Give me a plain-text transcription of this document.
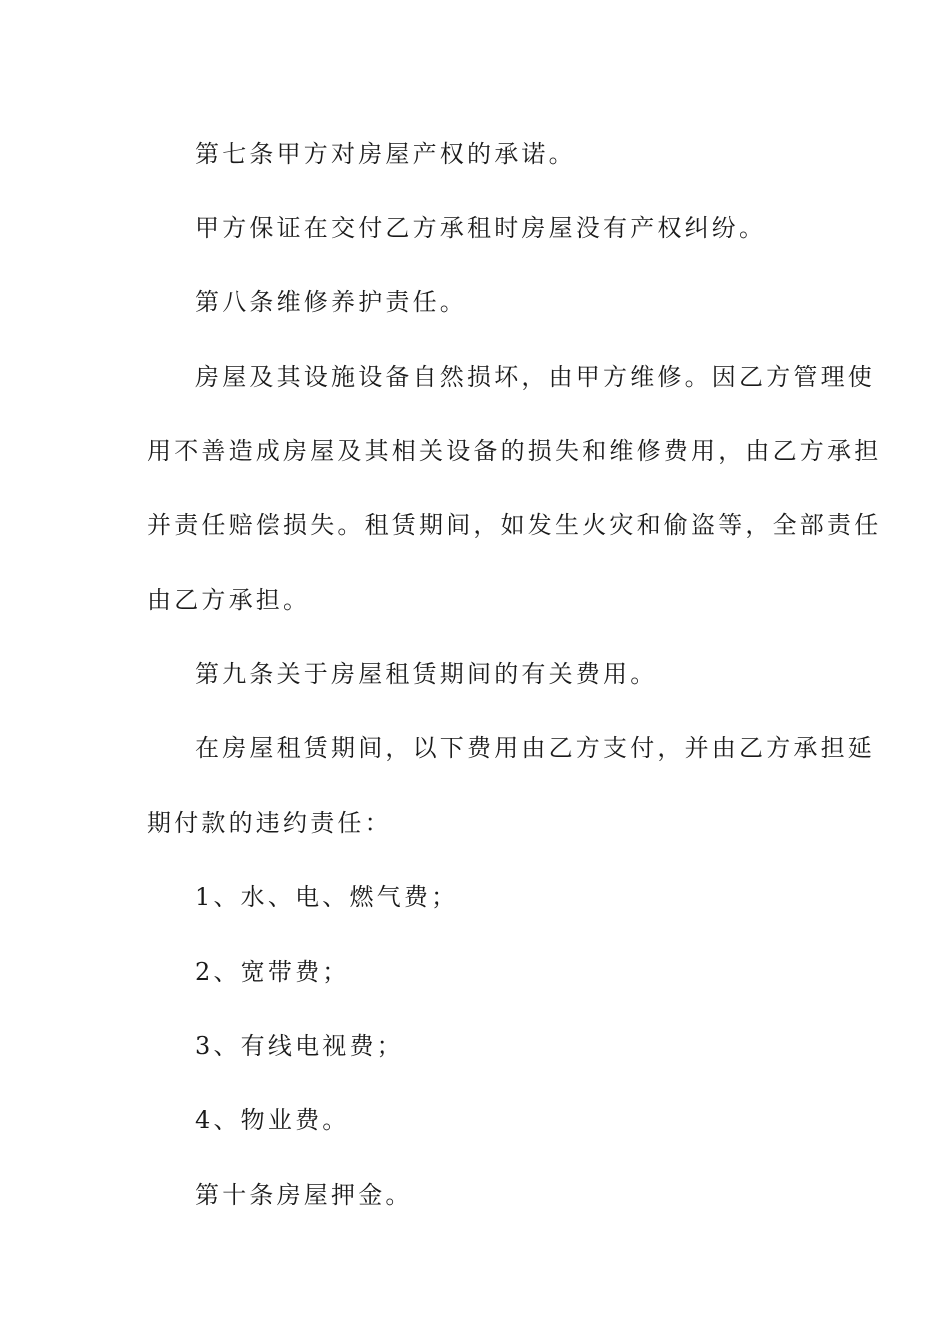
第七条甲方对房屋产权的承诺。
甲方保证在交付乙方承租时房屋没有产权纠纷。
第八条维修养护责任。
房屋及其设施设备自然损坏，由甲方维修。因乙方管理使
用不善造成房屋及其相关设备的损失和维修费用，由乙方承担
并责任赔偿损失。租赁期间，如发生火灾和偷盗等，全部责任
由乙方承担。
第九条关于房屋租赁期间的有关费用。
在房屋租赁期间，以下费用由乙方支付，并由乙方承担延
期付款的违约责任：
1、水、电、燃气费；
2、宽带费；
3、有线电视费；
4、物业费。
第十条房屋押金。
